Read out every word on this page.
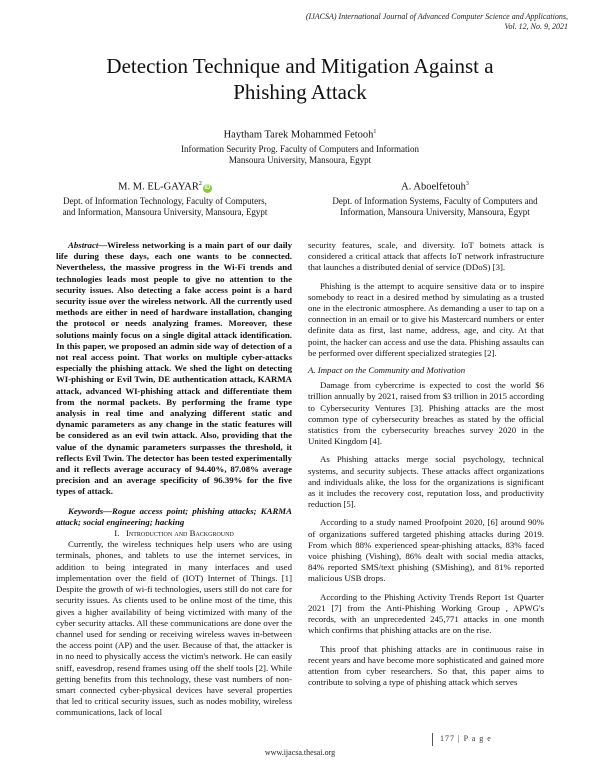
(IJACSA) International Journal of Advanced Computer Science and Applications,
Vol. 12, No. 9, 2021
Detection Technique and Mitigation Against a
Phishing Attack
Haytham Tarek Mohammed Fetooh$^1$
Information Security Prog. Faculty of Computers and Information
Mansoura University, Mansoura, Egypt
M. M. EL-GAYAR$^2$iD
Dept. of Information Technology, Faculty of Computers,
and Information, Mansoura University, Mansoura, Egypt
A. Aboelfetouh$^3$
Dept. of Information Systems, Faculty of Computers and
Information, Mansoura University, Mansoura, Egypt

Abstract—Wireless networking is a main part of our daily life during these days, each one wants to be connected. Nevertheless, the massive progress in the Wi-Fi trends and technologies leads most people to give no attention to the security issues. Also detecting a fake access point is a hard security issue over the wireless network. All the currently used methods are either in need of hardware installation, changing the protocol or needs analyzing frames. Moreover, these solutions mainly focus on a single digital attack identification. In this paper, we proposed an admin side way of detection of a not real access point. That works on multiple cyber-attacks especially the phishing attack. We shed the light on detecting WI-phishing or Evil Twin, DE authentication attack, KARMA attack, advanced WI-phishing attack and differentiate them from the normal packets. By performing the frame type analysis in real time and analyzing different static and dynamic parameters as any change in the static features will be considered as an evil twin attack. Also, providing that the value of the dynamic parameters surpasses the threshold, it reflects Evil Twin. The detector has been tested experimentally and it reflects average accuracy of 94.40%, 87.08% average precision and an average specificity of 96.39% for the five types of attack.

Keywords—Rogue access point; phishing attacks; KARMA attack; social engineering; hacking

I. Introduction and Background

Currently, the wireless techniques help users who are using terminals, phones, and tablets to use the internet services, in addition to being integrated in many interfaces and used implementation over the field of (IOT) Internet of Things. [1] Despite the growth of wi-fi technologies, users still do not care for security issues. As clients used to be online most of the time, this gives a higher availability of being victimized with many of the cyber security attacks. All these communications are done over the channel used for sending or receiving wireless waves in-between the access point (AP) and the user. Because of that, the attacker is in no need to physically access the victim's network. He can easily sniff, eavesdrop, resend frames using off the shelf tools [2]. While getting benefits from this technology, these vast numbers of non-smart connected cyber-physical devices have several properties that led to critical security issues, such as nodes mobility, wireless communications, lack of local

security features, scale, and diversity. IoT botnets attack is considered a critical attack that affects IoT network infrastructure that launches a distributed denial of service (DDoS) [3].

Phishing is the attempt to acquire sensitive data or to inspire somebody to react in a desired method by simulating as a trusted one in the electronic atmosphere. As demanding a user to tap on a connection in an email or to give his Mastercard numbers or enter definite data as first, last name, address, age, and city. At that point, the hacker can access and use the data. Phishing assaults can be performed over different specialized strategies [2].

A. Impact on the Community and Motivation

Damage from cybercrime is expected to cost the world $6 trillion annually by 2021, raised from $3 trillion in 2015 according to Cybersecurity Ventures [3]. Phishing attacks are the most common type of cybersecurity breaches as stated by the official statistics from the cybersecurity breaches survey 2020 in the United Kingdom [4].

As Phishing attacks merge social psychology, technical systems, and security subjects. These attacks affect organizations and individuals alike, the loss for the organizations is significant as it includes the recovery cost, reputation loss, and productivity reduction [5].

According to a study named Proofpoint 2020, [6] around 90% of organizations suffered targeted phishing attacks during 2019. From which 88% experienced spear-phishing attacks, 83% faced voice phishing (Vishing), 86% dealt with social media attacks, 84% reported SMS/text phishing (SMishing), and 81% reported malicious USB drops.

According to the Phishing Activity Trends Report 1st Quarter 2021 [7] from the Anti-Phishing Working Group , APWG's records, with an unprecedented 245,771 attacks in one month which confirms that phishing attacks are on the rise.

This proof that phishing attacks are in continuous raise in recent years and have become more sophisticated and gained more attention from cyber researchers. So that, this paper aims to contribute to solving a type of phishing attack which serves

177 | P a g e
www.ijacsa.thesai.org
